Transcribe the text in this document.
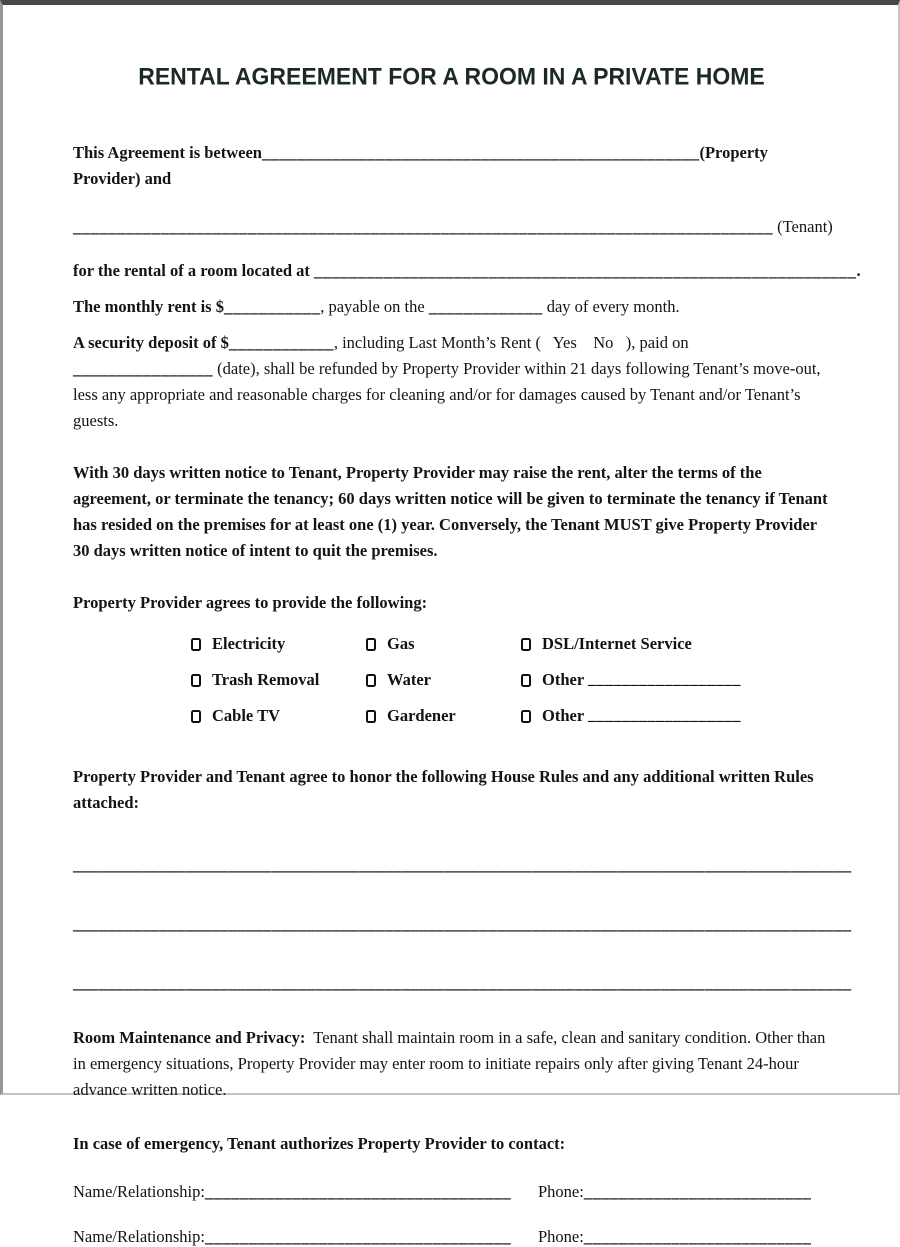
RENTAL AGREEMENT FOR A ROOM IN A PRIVATE HOME
This Agreement is between__________________________________________________(Property Provider) and
________________________________________________________________________________ (Tenant)
for the rental of a room located at ______________________________________________________________.
The monthly rent is $___________, payable on the _____________ day of every month.
A security deposit of $____________, including Last Month’s Rent (   Yes    No   ), paid on ________________ (date), shall be refunded by Property Provider within 21 days following Tenant’s move-out, less any appropriate and reasonable charges for cleaning and/or for damages caused by Tenant and/or Tenant’s guests.
With 30 days written notice to Tenant, Property Provider may raise the rent, alter the terms of the agreement, or terminate the tenancy; 60 days written notice will be given to terminate the tenancy if Tenant has resided on the premises for at least one (1) year. Conversely, the Tenant MUST give Property Provider 30 days written notice of intent to quit the premises.
Property Provider agrees to provide the following:
Electricity	Gas	DSL/Internet Service
Trash Removal	Water	Other __________________
Cable TV	Gardener	Other __________________
Property Provider and Tenant agree to honor the following House Rules and any additional written Rules attached:
__________________________________________________________________________________________
__________________________________________________________________________________________
__________________________________________________________________________________________
Room Maintenance and Privacy:  Tenant shall maintain room in a safe, clean and sanitary condition. Other than in emergency situations, Property Provider may enter room to initiate repairs only after giving Tenant 24-hour advance written notice.
In case of emergency, Tenant authorizes Property Provider to contact:
Name/Relationship:___________________________________	Phone:__________________________
Name/Relationship:___________________________________	Phone:__________________________
